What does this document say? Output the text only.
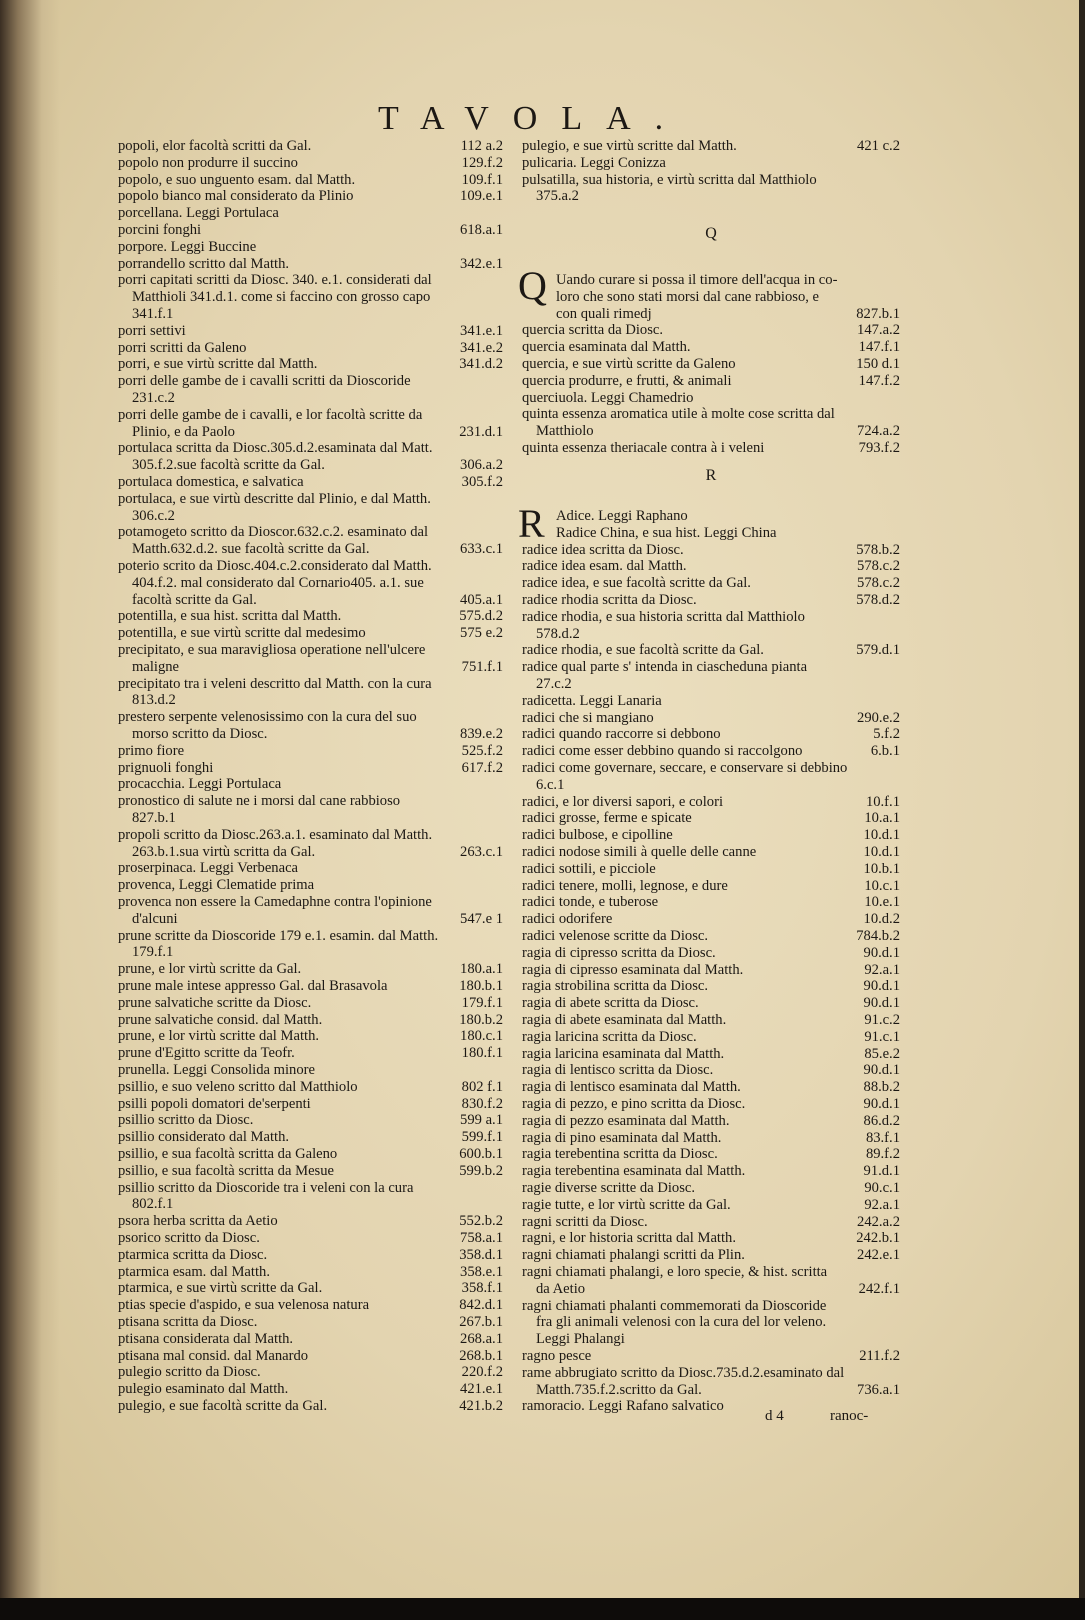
TAVOLA.
popoli, elor facoltà scritti da Gal.	112 a.2
popolo non produrre il succino	129.f.2
popolo, e suo unguento esam. dal Matth.	109.f.1
popolo bianco mal considerato da Plinio	109.e.1
porcellana. Leggi Portulaca
porcini fonghi	618.a.1
porpore. Leggi Buccine
porrandello scritto dal Matth.	342.e.1
porri capitati scritti da Diosc. 340. e.1. considerati dal
Matthioli 341.d.1. come si faccino con grosso capo
341.f.1
porri settivi	341.e.1
porri scritti da Galeno	341.e.2
porri, e sue virtù scritte dal Matth.	341.d.2
porri delle gambe de i cavalli scritti da Dioscoride
231.c.2
porri delle gambe de i cavalli, e lor facoltà scritte da
Plinio, e da Paolo	231.d.1
portulaca scritta da Diosc.305.d.2.esaminata dal Matt.
305.f.2.sue facoltà scritte da Gal.	306.a.2
portulaca domestica, e salvatica	305.f.2
portulaca, e sue virtù descritte dal Plinio, e dal Matth.
306.c.2
potamogeto scritto da Dioscor.632.c.2. esaminato dal
Matth.632.d.2. sue facoltà scritte da Gal.	633.c.1
poterio scrito da Diosc.404.c.2.considerato dal Matth.
404.f.2. mal considerato dal Cornario405. a.1. sue
facoltà scritte da Gal.	405.a.1
potentilla, e sua hist. scritta dal Matth.	575.d.2
potentilla, e sue virtù scritte dal medesimo	575 e.2
precipitato, e sua maravigliosa operatione nell'ulcere
maligne	751.f.1
precipitato tra i veleni descritto dal Matth. con la cura
813.d.2
prestero serpente velenosissimo con la cura del suo
morso scritto da Diosc.	839.e.2
primo fiore	525.f.2
prignuoli fonghi	617.f.2
procacchia. Leggi Portulaca
pronostico di salute ne i morsi dal cane rabbioso
827.b.1
propoli scritto da Diosc.263.a.1. esaminato dal Matth.
263.b.1.sua virtù scritta da Gal.	263.c.1
proserpinaca. Leggi Verbenaca
provenca, Leggi Clematide prima
provenca non essere la Camedaphne contra l'opinione
d'alcuni	547.e 1
prune scritte da Dioscoride 179 e.1. esamin. dal Matth.
179.f.1
prune, e lor virtù scritte da Gal.	180.a.1
prune male intese appresso Gal. dal Brasavola	180.b.1
prune salvatiche scritte da Diosc.	179.f.1
prune salvatiche consid. dal Matth.	180.b.2
prune, e lor virtù scritte dal Matth.	180.c.1
prune d'Egitto scritte da Teofr.	180.f.1
prunella. Leggi Consolida minore
psillio, e suo veleno scritto dal Matthiolo	802 f.1
psilli popoli domatori de'serpenti	830.f.2
psillio scritto da Diosc.	599 a.1
psillio considerato dal Matth.	599.f.1
psillio, e sua facoltà scritta da Galeno	600.b.1
psillio, e sua facoltà scritta da Mesue	599.b.2
psillio scritto da Dioscoride tra i veleni con la cura
802.f.1
psora herba scritta da Aetio	552.b.2
psorico scritto da Diosc.	758.a.1
ptarmica scritta da Diosc.	358.d.1
ptarmica esam. dal Matth.	358.e.1
ptarmica, e sue virtù scritte da Gal.	358.f.1
ptias specie d'aspido, e sua velenosa natura	842.d.1
ptisana scritta da Diosc.	267.b.1
ptisana considerata dal Matth.	268.a.1
ptisana mal consid. dal Manardo	268.b.1
pulegio scritto da Diosc.	220.f.2
pulegio esaminato dal Matth.	421.e.1
pulegio, e sue facoltà scritte da Gal.	421.b.2
pulegio, e sue virtù scritte dal Matth.	421 c.2
pulicaria. Leggi Conizza
pulsatilla, sua historia, e virtù scritta dal Matthiolo
375.a.2
Q
Q Uando curare si possa il timore dell'acqua in co-
loro che sono stati morsi dal cane rabbioso, e
con quali rimedj	827.b.1
quercia scritta da Diosc.	147.a.2
quercia esaminata dal Matth.	147.f.1
quercia, e sue virtù scritte da Galeno	150 d.1
quercia produrre, e frutti, & animali	147.f.2
querciuola. Leggi Chamedrio
quinta essenza aromatica utile à molte cose scritta dal
Matthiolo	724.a.2
quinta essenza theriacale contra à i veleni	793.f.2
R
R Adice. Leggi Raphano
Radice China, e sua hist. Leggi China
radice idea scritta da Diosc.	578.b.2
radice idea esam. dal Matth.	578.c.2
radice idea, e sue facoltà scritte da Gal.	578.c.2
radice rhodia scritta da Diosc.	578.d.2
radice rhodia, e sua historia scritta dal Matthiolo
578.d.2
radice rhodia, e sue facoltà scritte da Gal.	579.d.1
radice qual parte s' intenda in ciascheduna pianta
27.c.2
radicetta. Leggi Lanaria
radici che si mangiano	290.e.2
radici quando raccorre si debbono	5.f.2
radici come esser debbino quando si raccolgono	6.b.1
radici come governare, seccare, e conservare si debbino
6.c.1
radici, e lor diversi sapori, e colori	10.f.1
radici grosse, ferme e spicate	10.a.1
radici bulbose, e cipolline	10.d.1
radici nodose simili à quelle delle canne	10.d.1
radici sottili, e picciole	10.b.1
radici tenere, molli, legnose, e dure	10.c.1
radici tonde, e tuberose	10.e.1
radici odorifere	10.d.2
radici velenose scritte da Diosc.	784.b.2
ragia di cipresso scritta da Diosc.	90.d.1
ragia di cipresso esaminata dal Matth.	92.a.1
ragia strobilina scritta da Diosc.	90.d.1
ragia di abete scritta da Diosc.	90.d.1
ragia di abete esaminata dal Matth.	91.c.2
ragia laricina scritta da Diosc.	91.c.1
ragia laricina esaminata dal Matth.	85.e.2
ragia di lentisco scritta da Diosc.	90.d.1
ragia di lentisco esaminata dal Matth.	88.b.2
ragia di pezzo, e pino scritta da Diosc.	90.d.1
ragia di pezzo esaminata dal Matth.	86.d.2
ragia di pino esaminata dal Matth.	83.f.1
ragia terebentina scritta da Diosc.	89.f.2
ragia terebentina esaminata dal Matth.	91.d.1
ragie diverse scritte da Diosc.	90.c.1
ragie tutte, e lor virtù scritte da Gal.	92.a.1
ragni scritti da Diosc.	242.a.2
ragni, e lor historia scritta dal Matth.	242.b.1
ragni chiamati phalangi scritti da Plin.	242.e.1
ragni chiamati phalangi, e loro specie, & hist. scritta
da Aetio	242.f.1
ragni chiamati phalanti commemorati da Dioscoride
fra gli animali velenosi con la cura del lor veleno.
Leggi Phalangi
ragno pesce	211.f.2
rame abbrugiato scritto da Diosc.735.d.2.esaminato dal
Matth.735.f.2.scritto da Gal.	736.a.1
ramoracio. Leggi Rafano salvatico
d 4	ranoc-
